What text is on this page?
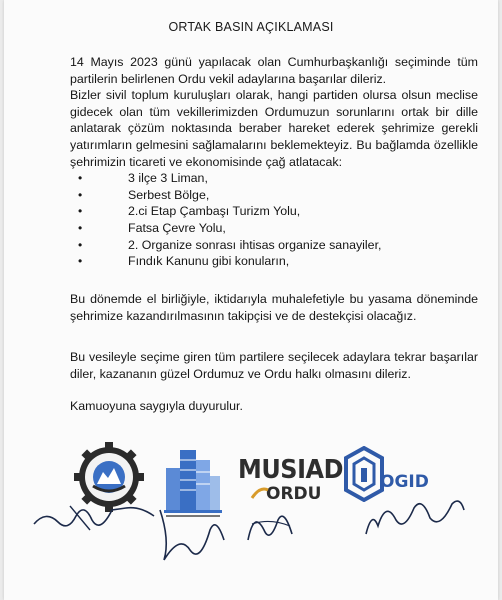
ORTAK BASIN AÇIKLAMASI

14 Mayıs 2023 günü yapılacak olan Cumhurbaşkanlığı seçiminde tüm partilerin belirlenen Ordu vekil adaylarına başarılar dileriz.

Bizler sivil toplum kuruluşları olarak, hangi partiden olursa olsun meclise gidecek olan tüm vekillerimizden Ordumuzun sorunlarını ortak bir dille anlatarak çözüm noktasında beraber hareket ederek şehrimize gerekli yatırımların gelmesini sağlamalarını beklemekteyiz. Bu bağlamda özellikle şehrimizin ticareti ve ekonomisinde çağ atlatacak:

•	3 ilçe 3 Liman,
•	Serbest Bölge,
•	2.ci Etap Çambaşı Turizm Yolu,
•	Fatsa Çevre Yolu,
•	2. Organize sonrası ihtisas organize sanayiler,
•	Fındık Kanunu gibi konuların,
Bu dönemde el birliğiyle, iktidarıyla muhalefetiyle bu yasama döneminde şehrimize kazandırılmasının takipçisi ve de destekçisi olacağız.
Bu vesileyle seçime giren tüm partilere seçilecek adaylara tekrar başarılar diler, kazananın güzel Ordumuz ve Ordu halkı olmasını dileriz.
Kamuoyuna saygıyla duyurulur.
MUSIAD
ORDU
OGID
